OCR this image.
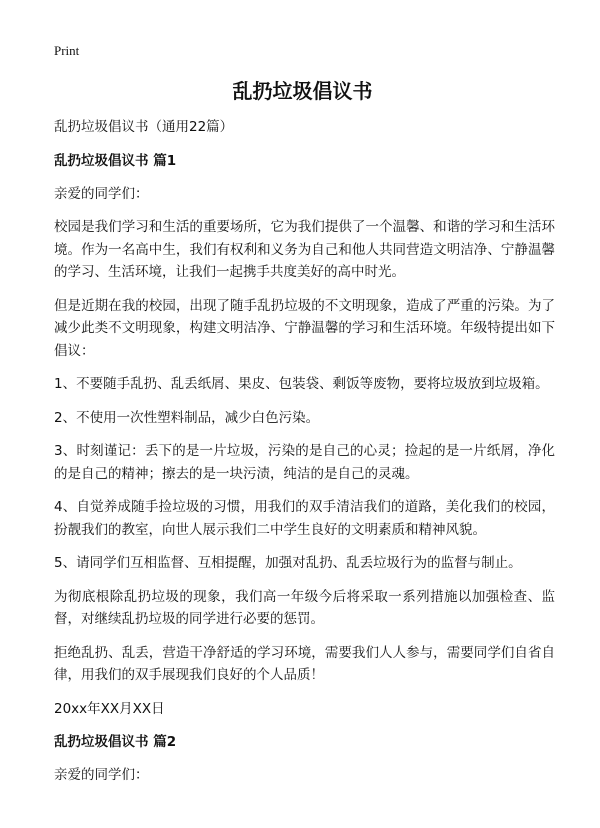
Print
乱扔垃圾倡议书
乱扔垃圾倡议书（通用22篇）
乱扔垃圾倡议书 篇1
亲爱的同学们：

校园是我们学习和生活的重要场所，它为我们提供了一个温馨、和谐的学习和生活环境。作为一名高中生，我们有权利和义务为自己和他人共同营造文明洁净、宁静温馨的学习、生活环境，让我们一起携手共度美好的高中时光。

但是近期在我的校园，出现了随手乱扔垃圾的不文明现象，造成了严重的污染。为了减少此类不文明现象，构建文明洁净、宁静温馨的学习和生活环境。年级特提出如下倡议：

1、不要随手乱扔、乱丢纸屑、果皮、包装袋、剩饭等废物，要将垃圾放到垃圾箱。

2、不使用一次性塑料制品，减少白色污染。

3、时刻谨记：丢下的是一片垃圾，污染的是自己的心灵；捡起的是一片纸屑，净化的是自己的精神；擦去的是一块污渍，纯洁的是自己的灵魂。

4、自觉养成随手捡垃圾的习惯，用我们的双手清洁我们的道路，美化我们的校园，扮靓我们的教室，向世人展示我们二中学生良好的文明素质和精神风貌。

5、请同学们互相监督、互相提醒，加强对乱扔、乱丢垃圾行为的监督与制止。

为彻底根除乱扔垃圾的现象，我们高一年级今后将采取一系列措施以加强检查、监督，对继续乱扔垃圾的同学进行必要的惩罚。

拒绝乱扔、乱丢，营造干净舒适的学习环境，需要我们人人参与，需要同学们自省自律，用我们的双手展现我们良好的个人品质！

20xx年XX月XX日
乱扔垃圾倡议书 篇2
亲爱的同学们：
